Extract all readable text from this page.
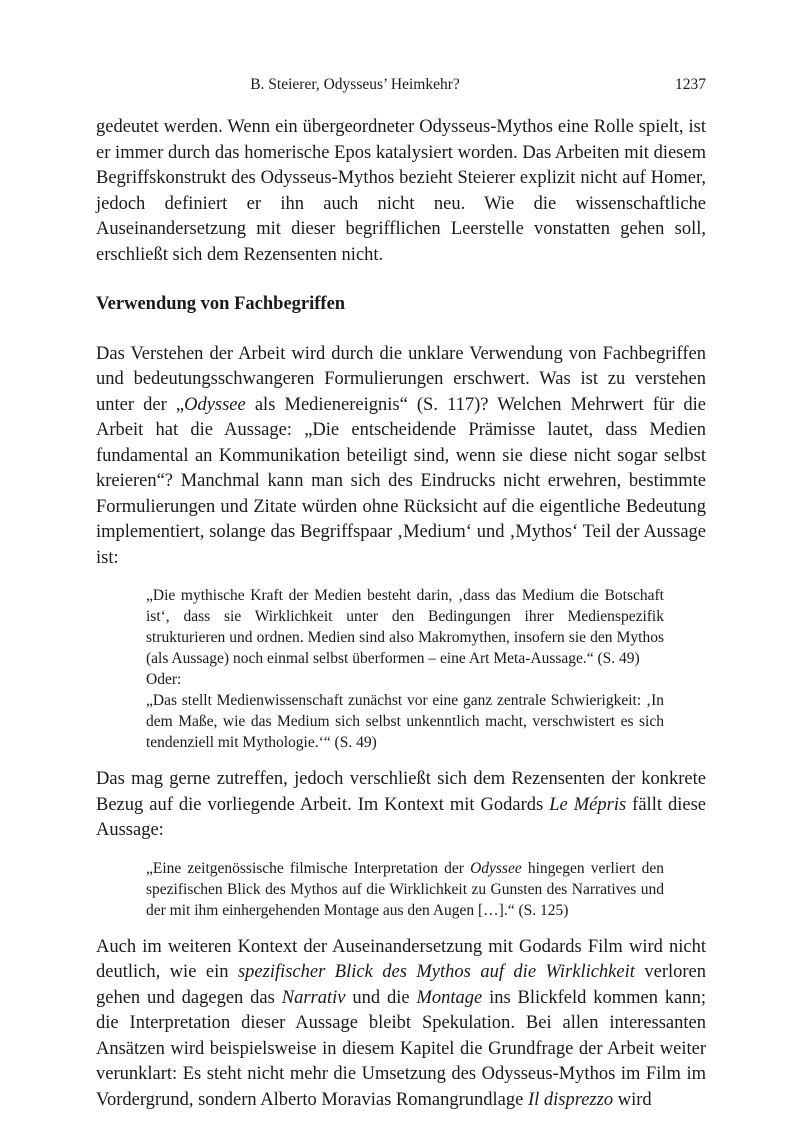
B. Steierer, Odysseus’ Heimkehr?	1237

gedeutet werden. Wenn ein übergeordneter Odysseus-Mythos eine Rolle spielt, ist er immer durch das homerische Epos katalysiert worden. Das Arbeiten mit diesem Begriffskonstrukt des Odysseus-Mythos bezieht Steierer explizit nicht auf Homer, jedoch definiert er ihn auch nicht neu. Wie die wissenschaftliche Auseinandersetzung mit dieser begrifflichen Leerstelle vonstatten gehen soll, erschließt sich dem Rezensenten nicht.

Verwendung von Fachbegriffen

Das Verstehen der Arbeit wird durch die unklare Verwendung von Fachbegriffen und bedeutungsschwangeren Formulierungen erschwert. Was ist zu verstehen unter der „Odyssee als Medienereignis“ (S. 117)? Welchen Mehrwert für die Arbeit hat die Aussage: „Die entscheidende Prämisse lautet, dass Medien fundamental an Kommunikation beteiligt sind, wenn sie diese nicht sogar selbst kreieren“? Manchmal kann man sich des Eindrucks nicht erwehren, bestimmte Formulierungen und Zitate würden ohne Rücksicht auf die eigentliche Bedeutung implementiert, solange das Begriffspaar ‚Medium‘ und ‚Mythos‘ Teil der Aussage ist:

„Die mythische Kraft der Medien besteht darin, ‚dass das Medium die Botschaft ist‘, dass sie Wirklichkeit unter den Bedingungen ihrer Medienspezifik strukturieren und ordnen. Medien sind also Makromythen, insofern sie den Mythos (als Aussage) noch einmal selbst überformen – eine Art Meta-Aussage.“ (S. 49)

Oder:

„Das stellt Medienwissenschaft zunächst vor eine ganz zentrale Schwierigkeit: ‚In dem Maße, wie das Medium sich selbst unkenntlich macht, verschwistert es sich tendenziell mit Mythologie.‘“ (S. 49)

Das mag gerne zutreffen, jedoch verschließt sich dem Rezensenten der konkrete Bezug auf die vorliegende Arbeit. Im Kontext mit Godards Le Mépris fällt diese Aussage:

„Eine zeitgenössische filmische Interpretation der Odyssee hingegen verliert den spezifischen Blick des Mythos auf die Wirklichkeit zu Gunsten des Narratives und der mit ihm einhergehenden Montage aus den Augen […].“ (S. 125)

Auch im weiteren Kontext der Auseinandersetzung mit Godards Film wird nicht deutlich, wie ein spezifischer Blick des Mythos auf die Wirklichkeit verloren gehen und dagegen das Narrativ und die Montage ins Blickfeld kommen kann; die Interpretation dieser Aussage bleibt Spekulation. Bei allen interessanten Ansätzen wird beispielsweise in diesem Kapitel die Grundfrage der Arbeit weiter verunklart: Es steht nicht mehr die Umsetzung des Odysseus-Mythos im Film im Vordergrund, sondern Alberto Moravias Romangrundlage Il disprezzo wird
